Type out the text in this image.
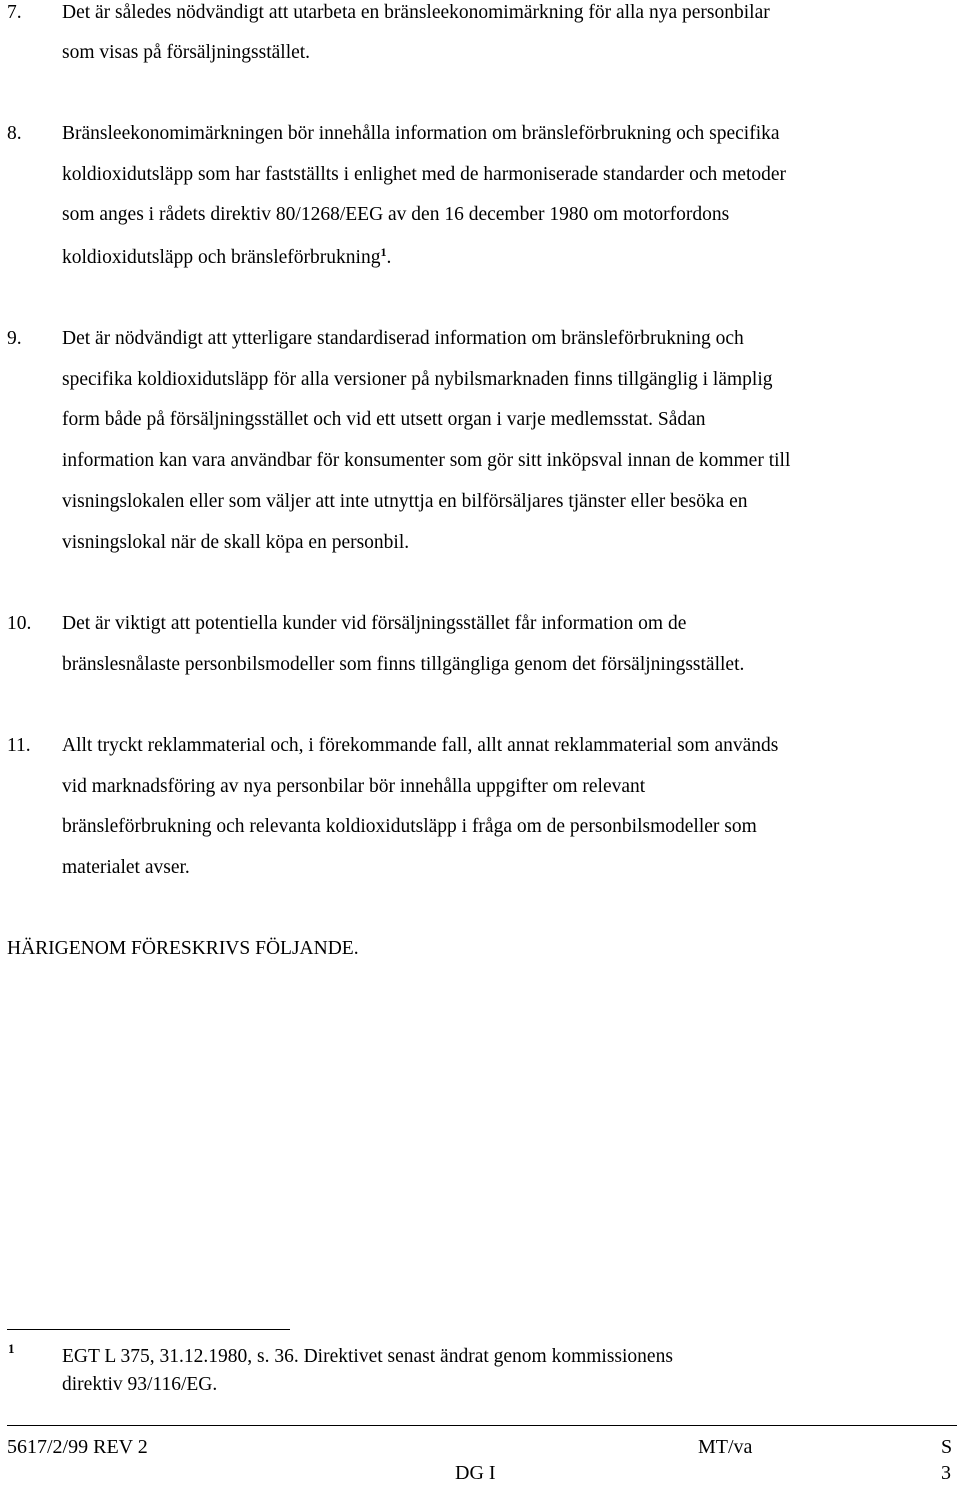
7. Det är således nödvändigt att utarbeta en bränsleekonomimärkning för alla nya personbilar
som visas på försäljningsstället.
8. Bränsleekonomimärkningen bör innehålla information om bränsleförbrukning och specifika
koldioxidutsläpp som har fastställts i enlighet med de harmoniserade standarder och metoder
som anges i rådets direktiv 80/1268/EEG av den 16 december 1980 om motorfordons
koldioxidutsläpp och bränsleförbrukning$^1$.
9. Det är nödvändigt att ytterligare standardiserad information om bränsleförbrukning och
specifika koldioxidutsläpp för alla versioner på nybilsmarknaden finns tillgänglig i lämplig
form både på försäljningsstället och vid ett utsett organ i varje medlemsstat. Sådan
information kan vara användbar för konsumenter som gör sitt inköpsval innan de kommer till
visningslokalen eller som väljer att inte utnyttja en bilförsäljares tjänster eller besöka en
visningslokal när de skall köpa en personbil.
10. Det är viktigt att potentiella kunder vid försäljningsstället får information om de
bränslesnålaste personbilsmodeller som finns tillgängliga genom det försäljningsstället.
11. Allt tryckt reklammaterial och, i förekommande fall, allt annat reklammaterial som används
vid marknadsföring av nya personbilar bör innehålla uppgifter om relevant
bränsleförbrukning och relevanta koldioxidutsläpp i fråga om de personbilsmodeller som
materialet avser.
HÄRIGENOM FÖRESKRIVS FÖLJANDE.
1 EGT L 375, 31.12.1980, s. 36. Direktivet senast ändrat genom kommissionens
direktiv 93/116/EG.
5617/2/99 REV 2	MT/va	S
DG I	3
